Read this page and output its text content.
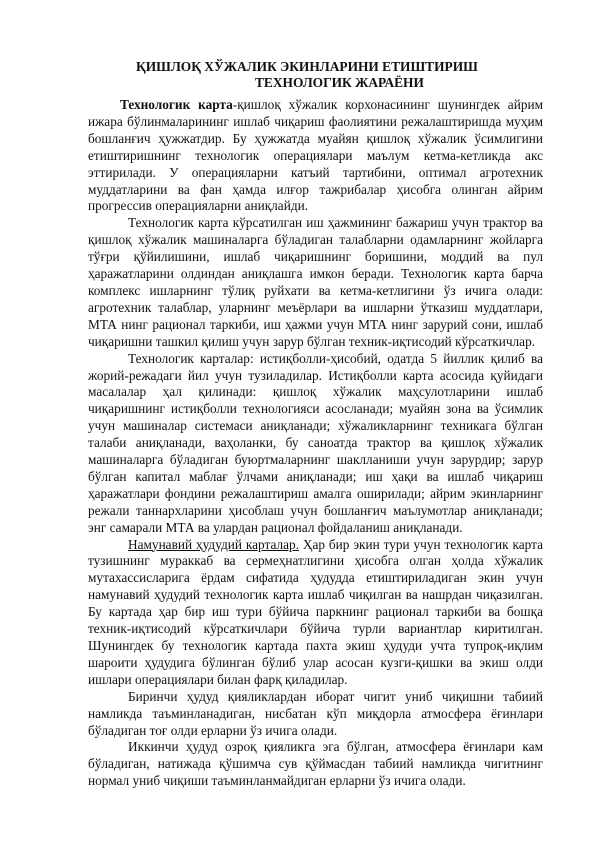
ҚИШЛОҚ ХЎЖАЛИК ЭКИНЛАРИНИ ЕТИШТИРИШ
ТЕХНОЛОГИК ЖАРАЁНИ

Технологик карта-қишлоқ хўжалик корхонасининг шунингдек айрим ижара бўлинмаларининг ишлаб чиқариш фаолиятини режалаштиришда муҳим бошланғич ҳужжатдир. Бу ҳужжатда муайян қишлоқ хўжалик ўсимлигини етиштиришнинг технологик операциялари маълум кетма-кетликда акс эттирилади. У операцияларни катъий тартибини, оптимал агротехник муддатларини ва фан ҳамда илғор тажрибалар ҳисобга олинган айрим прогрессив операцияларни аниқлайди.

Технологик карта кўрсатилган иш ҳажмининг бажариш учун трактор ва қишлоқ хўжалик машиналарга бўладиган талабларни одамларнинг жойларга тўғри қўйилишини, ишлаб чиқаришнинг боришини, моддий ва пул ҳаражатларини олдиндан аниқлашга имкон беради. Технологик карта барча комплекс ишларнинг тўлиқ руйхати ва кетма-кетлигини ўз ичига олади: агротехник талаблар, уларнинг меъёрлари ва ишларни ўтказиш муддатлари, МТА нинг рационал таркиби, иш ҳажми учун МТА нинг зарурий сони, ишлаб чиқаришни ташкил қилиш учун зарур бўлган техник-иқтисодий кўрсаткичлар.

Технологик карталар: истиқболли-ҳисобий, одатда 5 йиллик қилиб ва жорий-режадаги йил учун тузиладилар. Истиқболли карта асосида қуйидаги масалалар ҳал қилинади: қишлоқ хўжалик маҳсулотларини ишлаб чиқаришнинг истиқболли технологияси асосланади; муайян зона ва ўсимлик учун машиналар системаси аниқланади; хўжаликларнинг техникага бўлган талаби аниқланади, ваҳоланки, бу саноатда трактор ва қишлоқ хўжалик машиналарга бўладиган буюртмаларнинг шаклланиши учун зарурдир; зарур бўлган капитал маблағ ўлчами аниқланади; иш ҳақи ва ишлаб чиқариш ҳаражатлари фондини режалаштириш амалга оширилади; айрим экинларнинг режали таннархларини ҳисоблаш учун бошланғич маълумотлар аниқланади; энг самарали МТА ва улардан рационал фойдаланиш аниқланади.

Намунавий ҳудудий карталар. Ҳар бир экин тури учун технологик карта тузишнинг мураккаб ва сермеҳнатлигини ҳисобга олган ҳолда хўжалик мутахассисларига ёрдам сифатида ҳудудда етиштириладиган экин учун намунавий ҳудудий технологик карта ишлаб чиқилган ва нашрдан чиқазилган. Бу картада ҳар бир иш тури бўйича паркнинг рационал таркиби ва бошқа техник-иқтисодий кўрсаткичлари бўйича турли вариантлар киритилган. Шунингдек бу технологик картада пахта экиш ҳудуди учта тупроқ-иқлим шароити ҳудудига бўлинган бўлиб улар асосан кузги-қишки ва экиш олди ишлари операциялари билан фарқ қиладилар.

Биринчи ҳудуд қияликлардан иборат чигит униб чиқишни табиий намликда таъминланадиган, нисбатан кўп миқдорла атмосфера ёғинлари бўладиган тоғ олди ерларни ўз ичига олади.

Иккинчи ҳудуд озроқ қияликга эга бўлган, атмосфера ёғинлари кам бўладиган, натижада қўшимча сув қўймасдан табиий намликда чигитнинг нормал униб чиқиши таъминланмайдиган ерларни ўз ичига олади.
